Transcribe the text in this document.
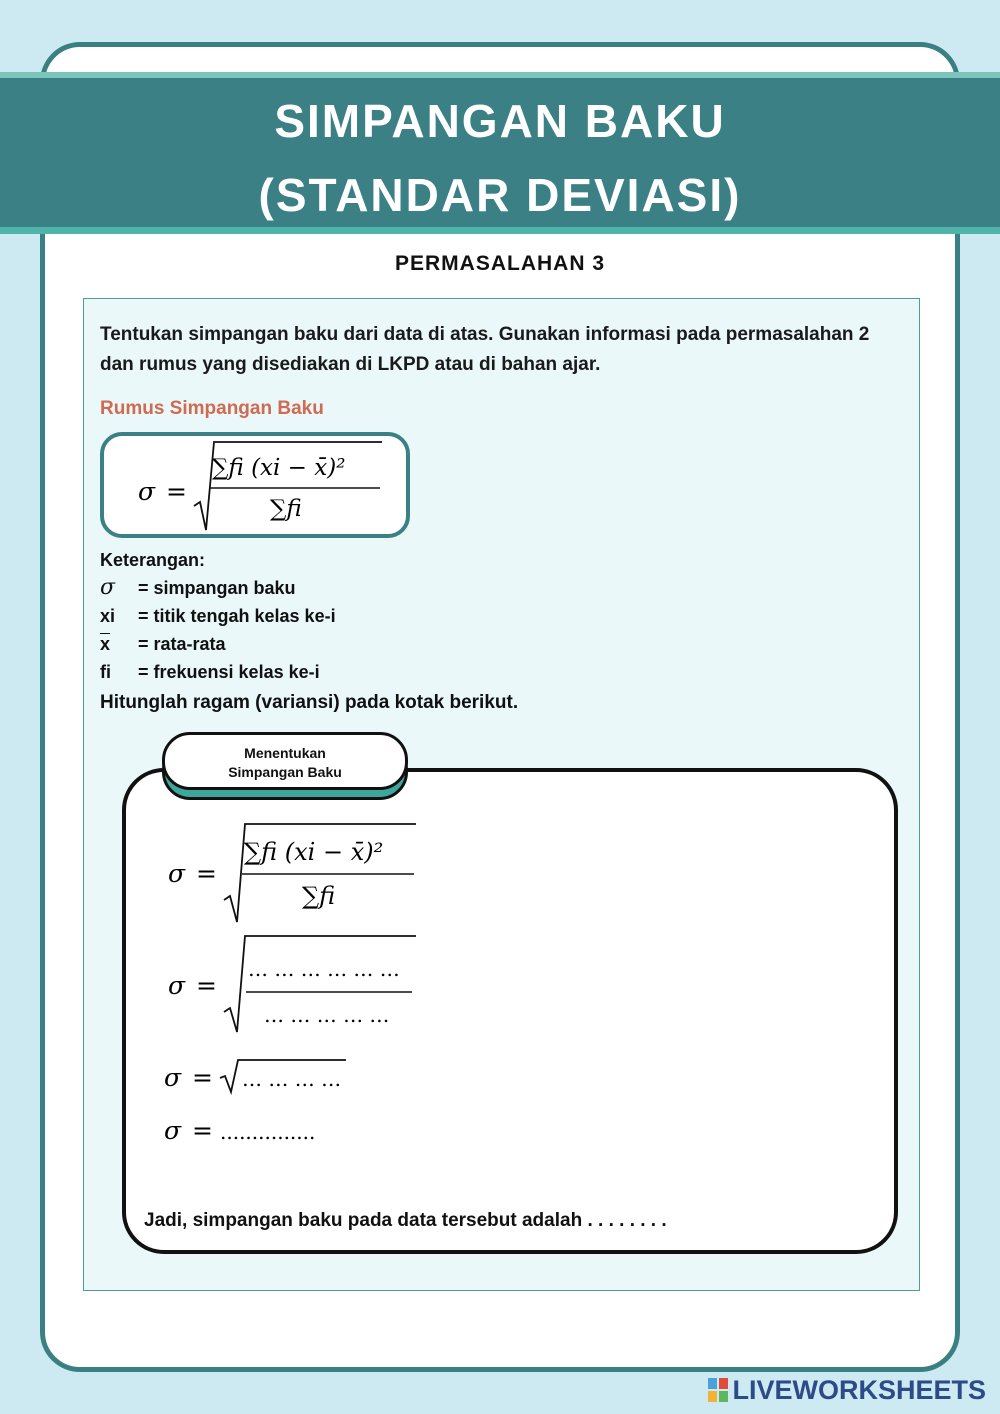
SIMPANGAN BAKU
(STANDAR DEVIASI)
PERMASALAHAN 3
Tentukan simpangan baku dari data di atas. Gunakan informasi pada permasalahan 2 dan rumus yang disediakan di LKPD atau di bahan ajar.
Rumus Simpangan Baku
σ =
∑fi (xi − x̄)²
∑fi
Keterangan:
σ = simpangan baku
xi = titik tengah kelas ke-i
$\overline{x}$ = rata-rata
fi = frekuensi kelas ke-i
Hitunglah ragam (variansi) pada kotak berikut.
Menentukan
Simpangan Baku
σ =
∑fi (xi − x̄)²
∑fi
σ =
… … … … … …
… … … … …
σ = … … … …
σ = ...............
Jadi, simpangan baku pada data tersebut adalah . . . . . . . .
LIVEWORKSHEETS
